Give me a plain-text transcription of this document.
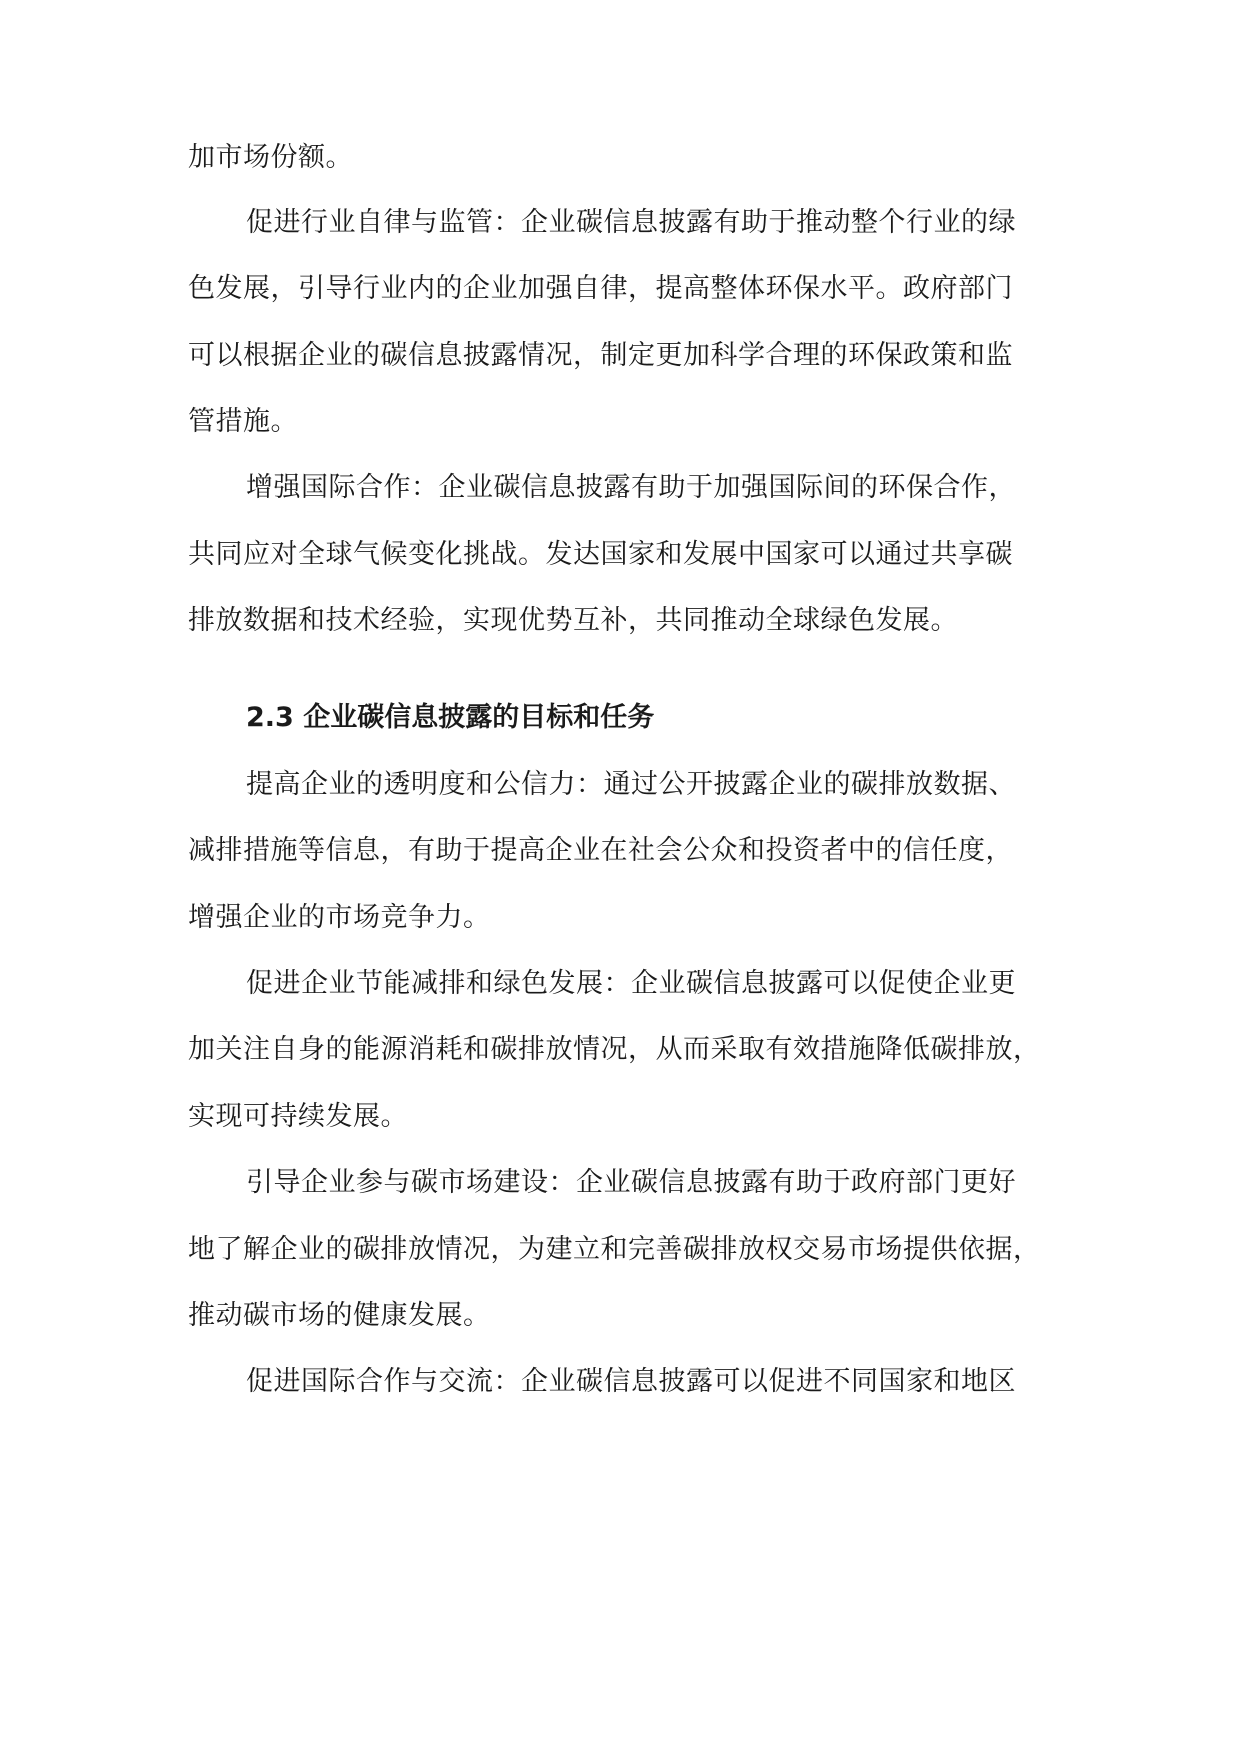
加市场份额。
促进行业自律与监管：企业碳信息披露有助于推动整个行业的绿
色发展，引导行业内的企业加强自律，提高整体环保水平。政府部门
可以根据企业的碳信息披露情况，制定更加科学合理的环保政策和监
管措施。
增强国际合作：企业碳信息披露有助于加强国际间的环保合作，
共同应对全球气候变化挑战。发达国家和发展中国家可以通过共享碳
排放数据和技术经验，实现优势互补，共同推动全球绿色发展。
2.3 企业碳信息披露的目标和任务
提高企业的透明度和公信力：通过公开披露企业的碳排放数据、
减排措施等信息，有助于提高企业在社会公众和投资者中的信任度，
增强企业的市场竞争力。
促进企业节能减排和绿色发展：企业碳信息披露可以促使企业更
加关注自身的能源消耗和碳排放情况，从而采取有效措施降低碳排放，
实现可持续发展。
引导企业参与碳市场建设：企业碳信息披露有助于政府部门更好
地了解企业的碳排放情况，为建立和完善碳排放权交易市场提供依据，
推动碳市场的健康发展。
促进国际合作与交流：企业碳信息披露可以促进不同国家和地区
